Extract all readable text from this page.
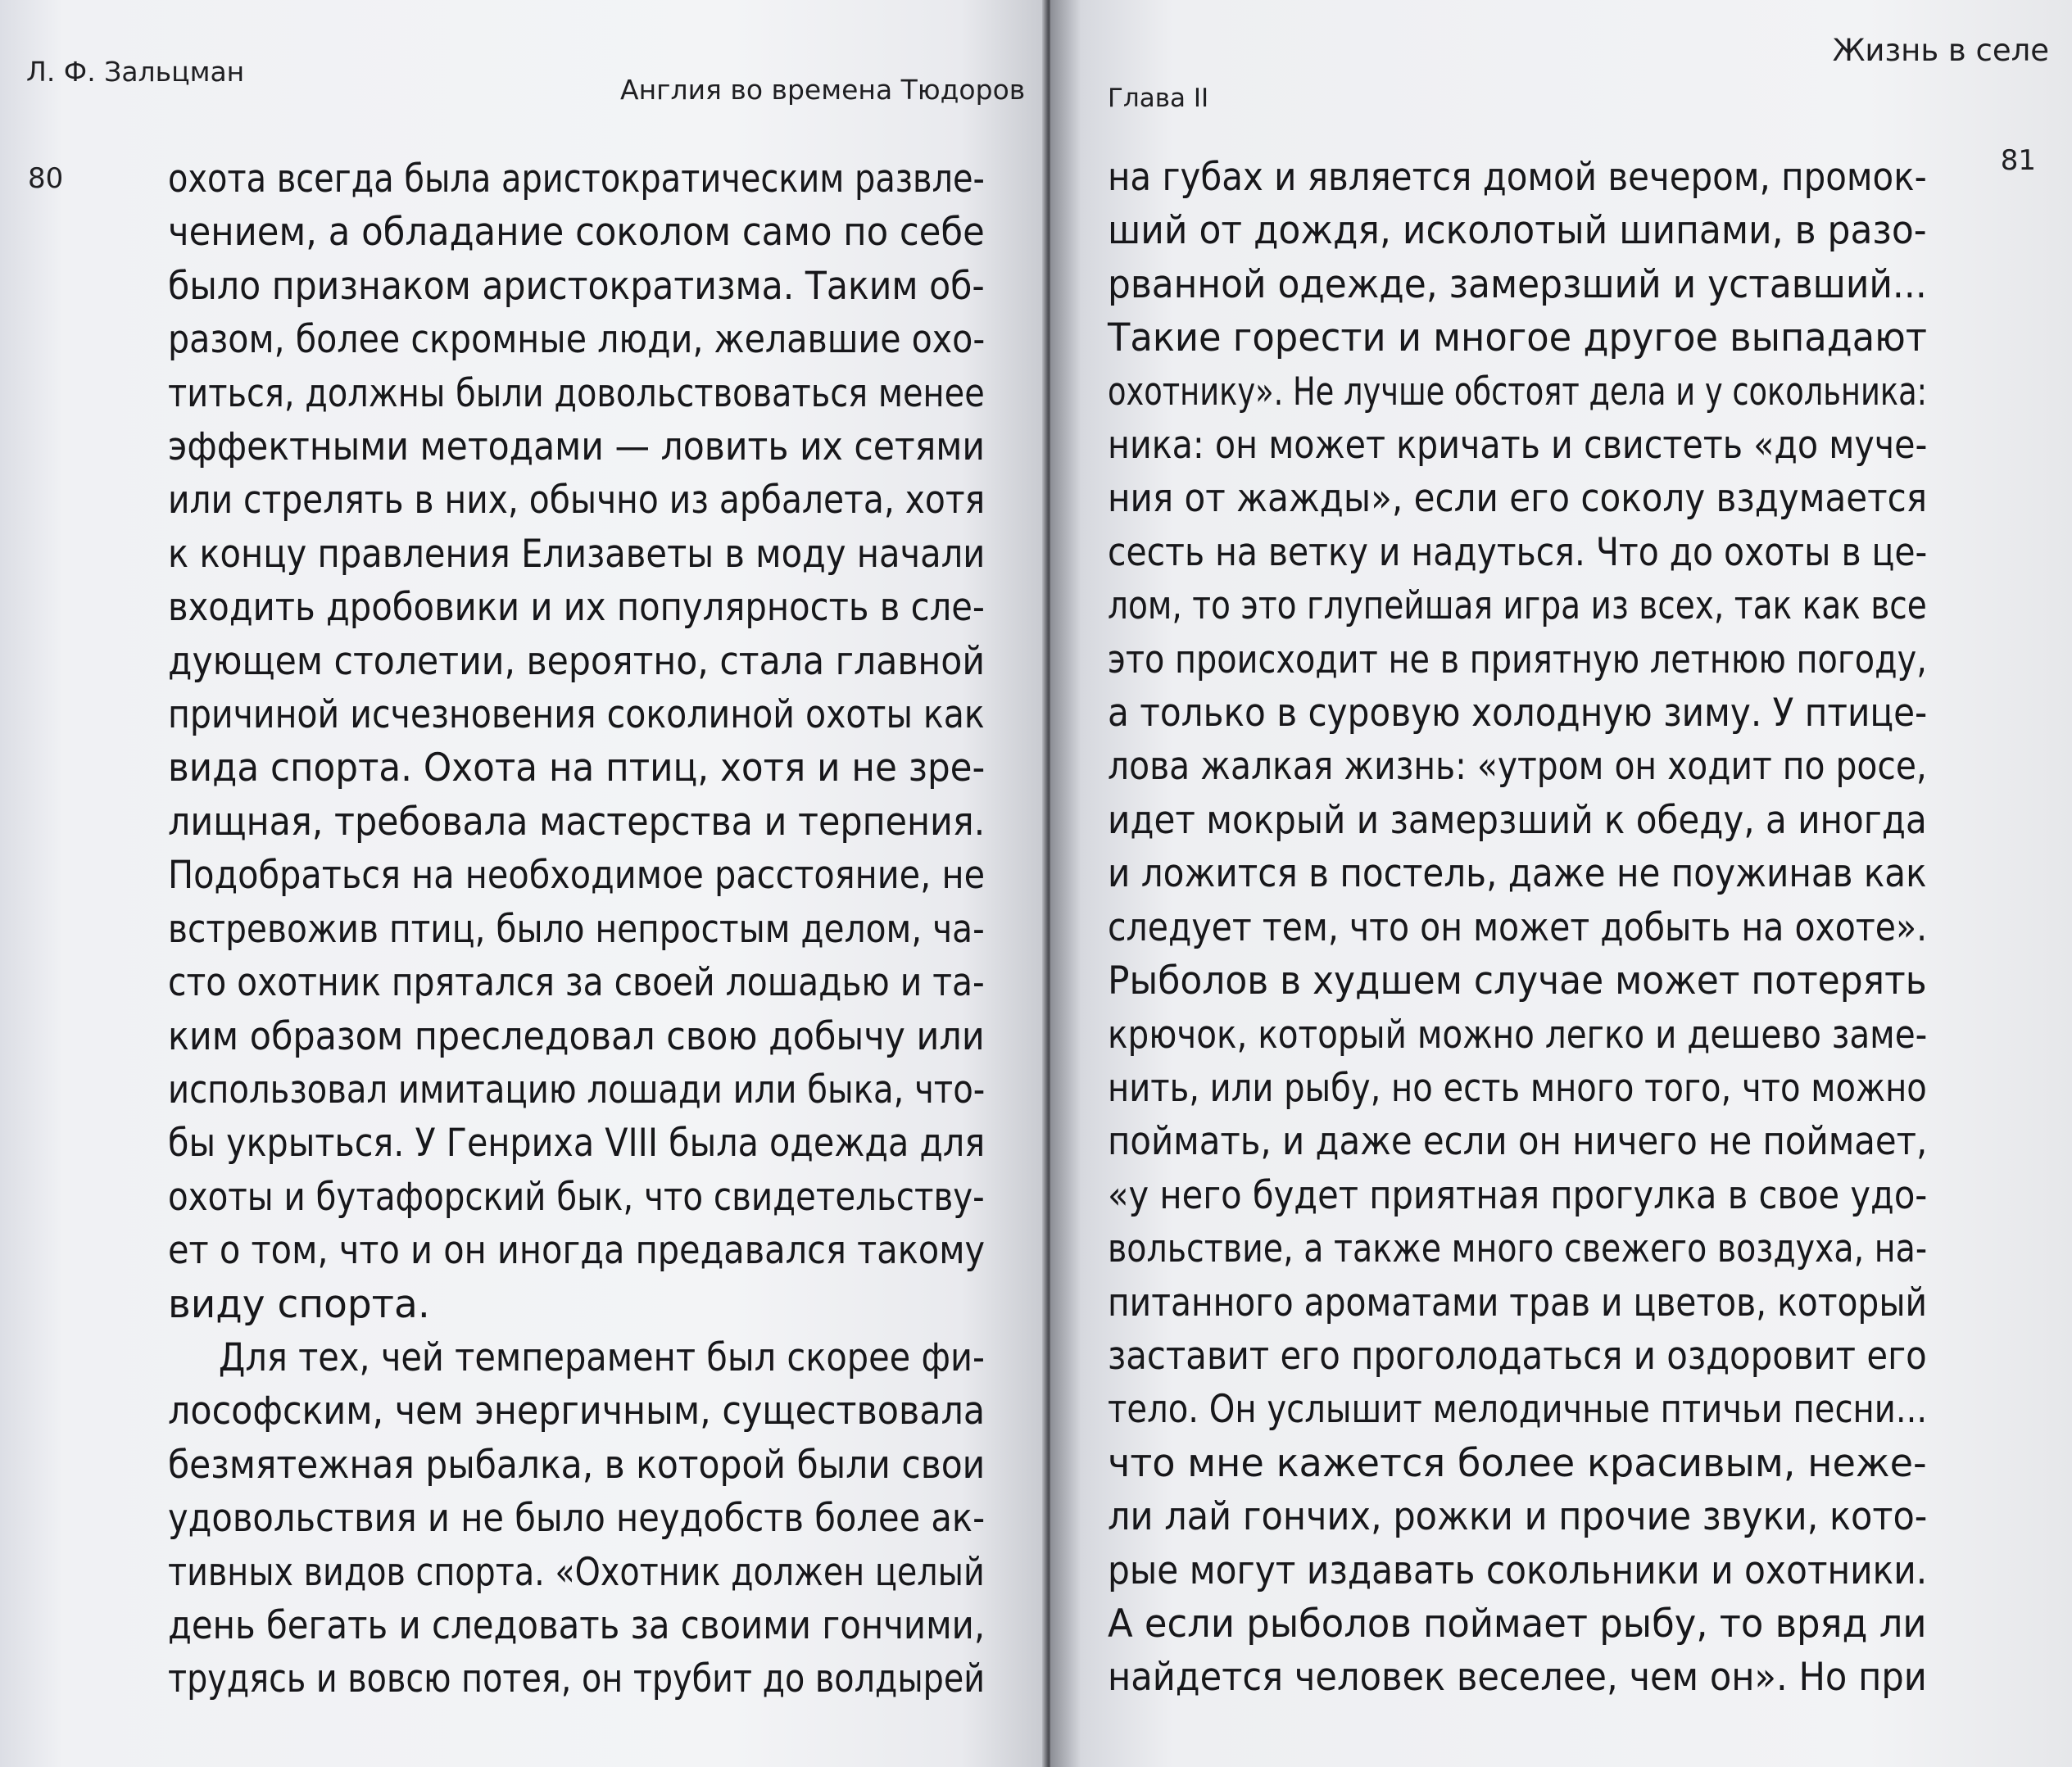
Л. Ф. Зальцман
Англия во времена Тюдоров
80	охота всегда была аристократическим развле-
чением, а обладание соколом само по себе
было признаком аристократизма. Таким об-
разом, более скромные люди, желавшие охо-
титься, должны были довольствоваться менее
эффектными методами — ловить их сетями
или стрелять в них, обычно из арбалета, хотя
к концу правления Елизаветы в моду начали
входить дробовики и их популярность в сле-
дующем столетии, вероятно, стала главной
причиной исчезновения соколиной охоты как
вида спорта. Охота на птиц, хотя и не зре-
лищная, требовала мастерства и терпения.
Подобраться на необходимое расстояние, не
встревожив птиц, было непростым делом, ча-
сто охотник прятался за своей лошадью и та-
ким образом преследовал свою добычу или
использовал имитацию лошади или быка, что-
бы укрыться. У Генриха VIII была одежда для
охоты и бутафорский бык, что свидетельству-
ет о том, что и он иногда предавался такому
виду спорта.
Для тех, чей темперамент был скорее фи-
лософским, чем энергичным, существовала
безмятежная рыбалка, в которой были свои
удовольствия и не было неудобств более ак-
тивных видов спорта. «Охотник должен целый
день бегать и следовать за своими гончими,
трудясь и вовсю потея, он трубит до волдырей
Глава II
Жизнь в селе
81
на губах и является домой вечером, промок-
ший от дождя, исколотый шипами, в разо-
рванной одежде, замерзший и уставший...
Такие горести и многое другое выпадают
охотнику». Не лучше обстоят дела и у сокольника:
ника: он может кричать и свистеть «до муче-
ния от жажды», если его соколу вздумается
сесть на ветку и надуться. Что до охоты в це-
лом, то это глупейшая игра из всех, так как все
это происходит не в приятную летнюю погоду,
а только в суровую холодную зиму. У птице-
лова жалкая жизнь: «утром он ходит по росе,
идет мокрый и замерзший к обеду, а иногда
и ложится в постель, даже не поужинав как
следует тем, что он может добыть на охоте».
Рыболов в худшем случае может потерять
крючок, который можно легко и дешево заме-
нить, или рыбу, но есть много того, что можно
поймать, и даже если он ничего не поймает,
«у него будет приятная прогулка в свое удо-
вольствие, а также много свежего воздуха, на-
питанного ароматами трав и цветов, который
заставит его проголодаться и оздоровит его
тело. Он услышит мелодичные птичьи песни...
что мне кажется более красивым, неже-
ли лай гончих, рожки и прочие звуки, кото-
рые могут издавать сокольники и охотники.
А если рыболов поймает рыбу, то вряд ли
найдется человек веселее, чем он». Но при
